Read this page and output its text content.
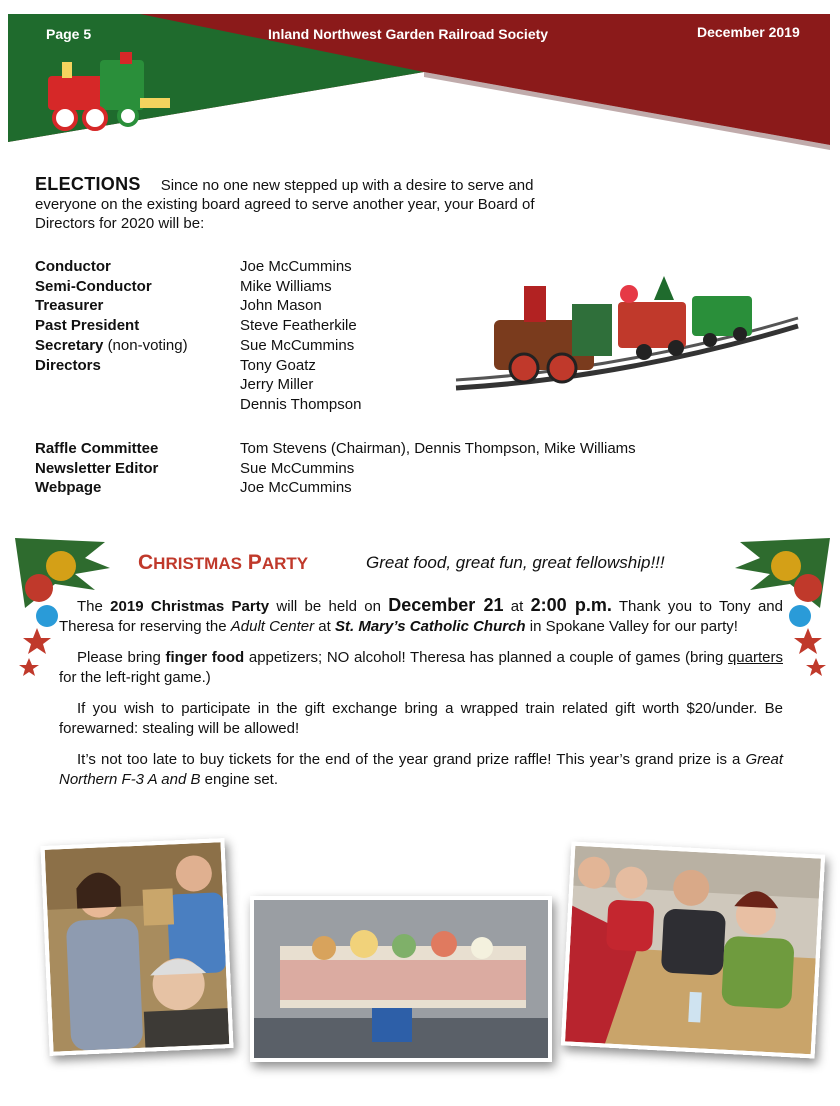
Page 5	Inland Northwest Garden Railroad Society	December 2019
ELECTIONS Since no one new stepped up with a desire to serve and everyone on the existing board agreed to serve another year, your Board of Directors for 2020 will be:
Conductor	Joe McCummins
Semi-Conductor	Mike Williams
Treasurer	John Mason
Past President	Steve Featherkile
Secretary (non-voting)	Sue McCummins
Directors	Tony Goatz
Jerry Miller
Dennis Thompson
Raffle Committee	Tom Stevens (Chairman), Dennis Thompson, Mike Williams
Newsletter Editor	Sue McCummins
Webpage	Joe McCummins
CHRISTMAS PARTY	Great food, great fun, great fellowship!!!

The 2019 Christmas Party will be held on December 21 at 2:00 p.m. Thank you to Tony and Theresa for reserving the Adult Center at St. Mary’s Catholic Church in Spokane Valley for our party!

Please bring finger food appetizers; NO alcohol! Theresa has planned a couple of games (bring quarters for the left-right game.)

If you wish to participate in the gift exchange bring a wrapped train related gift worth $20/under. Be forewarned: stealing will be allowed!

It’s not too late to buy tickets for the end of the year grand prize raffle! This year’s grand prize is a Great Northern F-3 A and B engine set.
